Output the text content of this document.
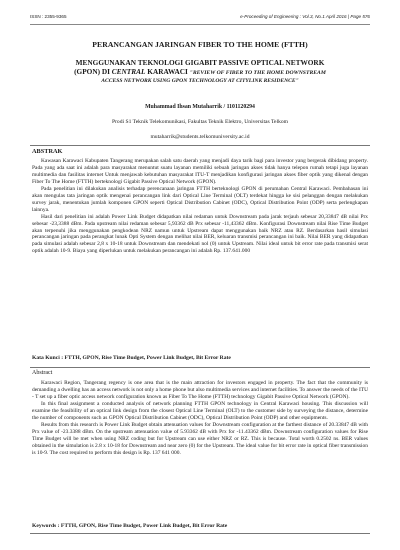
ISSN : 2355-9365	e-Proceeding of Engineering : Vol.3, No.1 April 2016 | Page 576
PERANCANGAN JARINGAN FIBER TO THE HOME (FTTH)
MENGGUNAKAN TEKNOLOGI GIGABIT PASSIVE OPTICAL NETWORK
(GPON) DI CENTRAL KARAWACI "REVIEW OF FIBER TO THE HOME DOWNSTREAM
ACCESS NETWORK USING GPON TECHNOLOGY AT CITYLINK RESIDENCE"
Muhammad Ihsan Mutaharrik / 1101120294
Prodi S1 Teknik Telekomunikasi, Fakultas Teknik Elektro, Universitas Telkom
mutaharrik@students.telkomuniversity.ac.id
ABSTRAK

Kawasan Karawaci Kabupaten Tangerang merupakan salah satu daerah yang menjadi daya tarik bagi para investor yang bergerak dibidang property. Pada yang ada saat ini adalah para masyarakat menuntut suatu layanan memiliki sebuah jaringan akses tidak hanya telepon rumah tetapi juga layanan multimedia dan fasilitas internet Untuk menjawab kebutuhan masyarakat ITU-T menjadikan konfigurasi jaringan akses fiber optik yang dikenal dengan Fiber To The Home (FTTH) berteknologi Gigabit Passive Optical Network (GPON).

Pada penelitian ini dilakukan analisis terhadap perencanaan jaringan FTTH berteknologi GPON di perumahan Central Karawaci. Pembahasan ini akan mengulas tata jaringan optik mengenai perancangan link dari Optical Line Terminal (OLT) terdekat hingga ke sisi pelanggan dengan melakukan survey jarak, menentukan jumlah komponen GPON seperti Optical Distribution Cabinet (ODC), Optical Distribution Point (ODP) serta perlengkapan lainnya.

Hasil dari penelitian ini adalah Power Link Budget didapatkan nilai redaman untuk Downstream pada jarak terjauh sebesar 20,33847 dB nilai Prx sebesar -23,3388 dBm. Pada upstream nilai redaman sebesar 5,93362 dB Prx sebesar -11,43362 dBm. Konfigurasi Downstream nilai Rise Time Budget akan terpenuhi jika menggunakan pengkodean NRZ namun untuk Upstream dapat menggunakan baik NRZ atau RZ. Berdasarkan hasil simulasi perancangan jaringan pada perangkat lunak Opti System dengan melihat nilai BER, keluaran transmisi perancangan ini baik. Nilai BER yang didapatkan pada simulasi adalah sebesar 2,8 x 10-18 untuk Downstream dan mendekati nol (0) untuk Upstream. Nilai ideal untuk bit error rate pada transmisi serat optik adalah 10-9. Biaya yang diperlukan untuk melakukan perancangan ini adalah Rp. 137.641.000

Kata Kunci : FTTH, GPON, Rise Time Budget, Power Link Budget, Bit Error Rate
Abstract

Karawaci Region, Tangerang regency is one area that is the main attraction for investors engaged in property. The fact that the community is demanding a dwelling has an access network is not only a home phone but also multimedia services and internet facilities. To answer the needs of the ITU - T set up a fiber optic access network configuration known as Fiber To The Home (FTTH) technology Gigabit Passive Optical Network (GPON).

In this final assignment a conducted analysis of network planning FTTH GPON technology in Central Karawaci housing. This discussion will examine the feasibility of an optical link design from the closest Optical Line Terminal (OLT) to the customer side by surveying the distance, determine the number of components such as GPON Optical Distribution Cabinet (ODC), Optical Distribution Point (ODP) and other equipments.

Results from this research is Power Link Budget obtain attenuation values for Downstream configuration at the farthest distance of 20.33847 dB with Prx value of -23.3388 dBm. On the upstream attenuation value of 5.93362 dB with Prx for -11.43362 dBm. Downstream configuration values for Rise Time Budget will be met when using NRZ coding but for Upstream can use either NRZ or RZ. This is because. Total worth 0.2502 ns. BER values obtained in the simulation is 2.8 x 10-18 for Downstream and near zero (0) for the Upstream. The ideal value for bit error rate in optical fiber transmission is 10-9. The cost required to perform this design is Rp. 137 641 000.

Keywords : FTTH, GPON, Rise Time Budget, Power Link Budget, Bit Error Rate
